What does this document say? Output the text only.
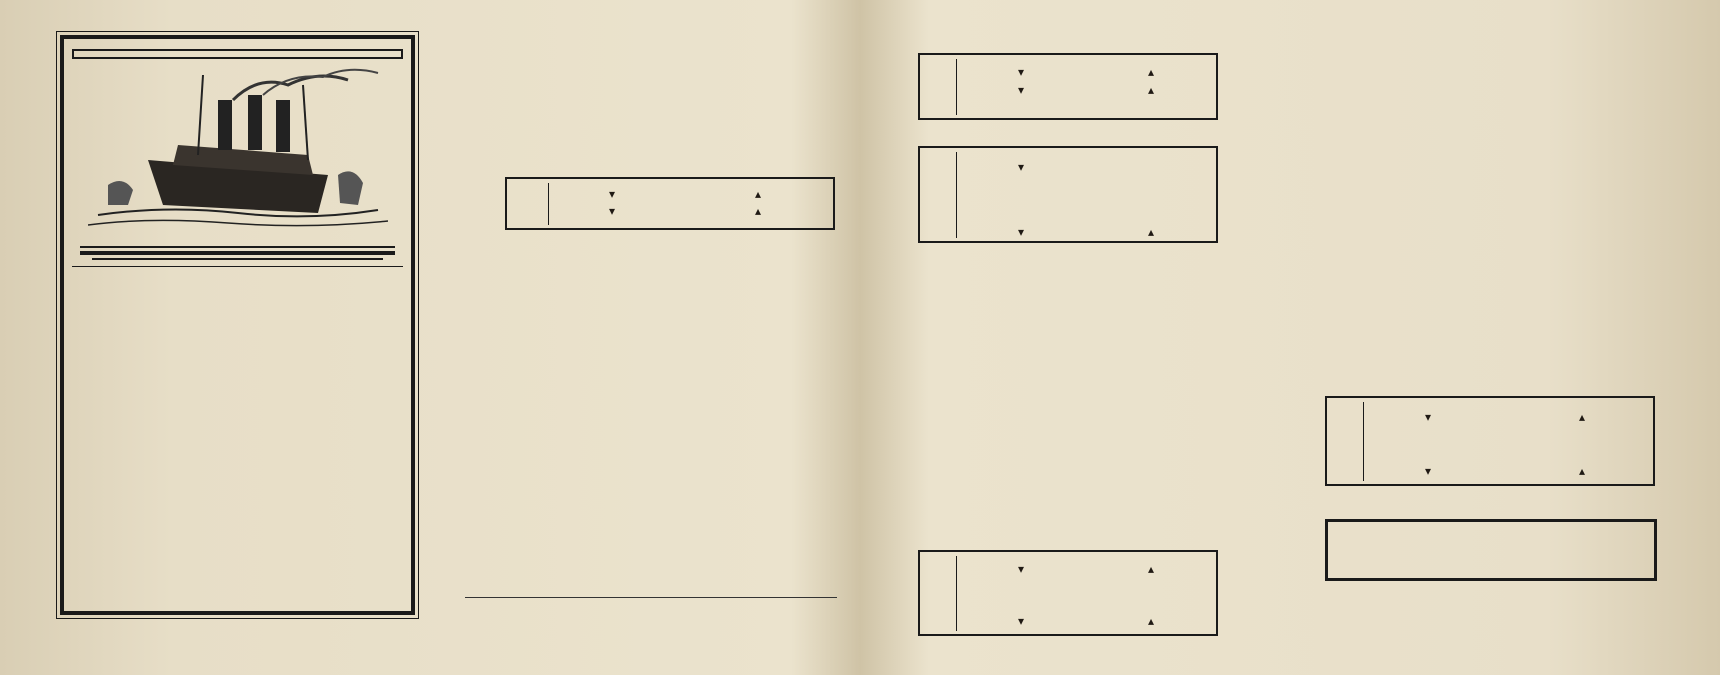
▾	▴
▾	▴

▾	▴
▾	▴
▾
▾	▴
▾	▴
▾	▴
▾	▴
▾	▴
